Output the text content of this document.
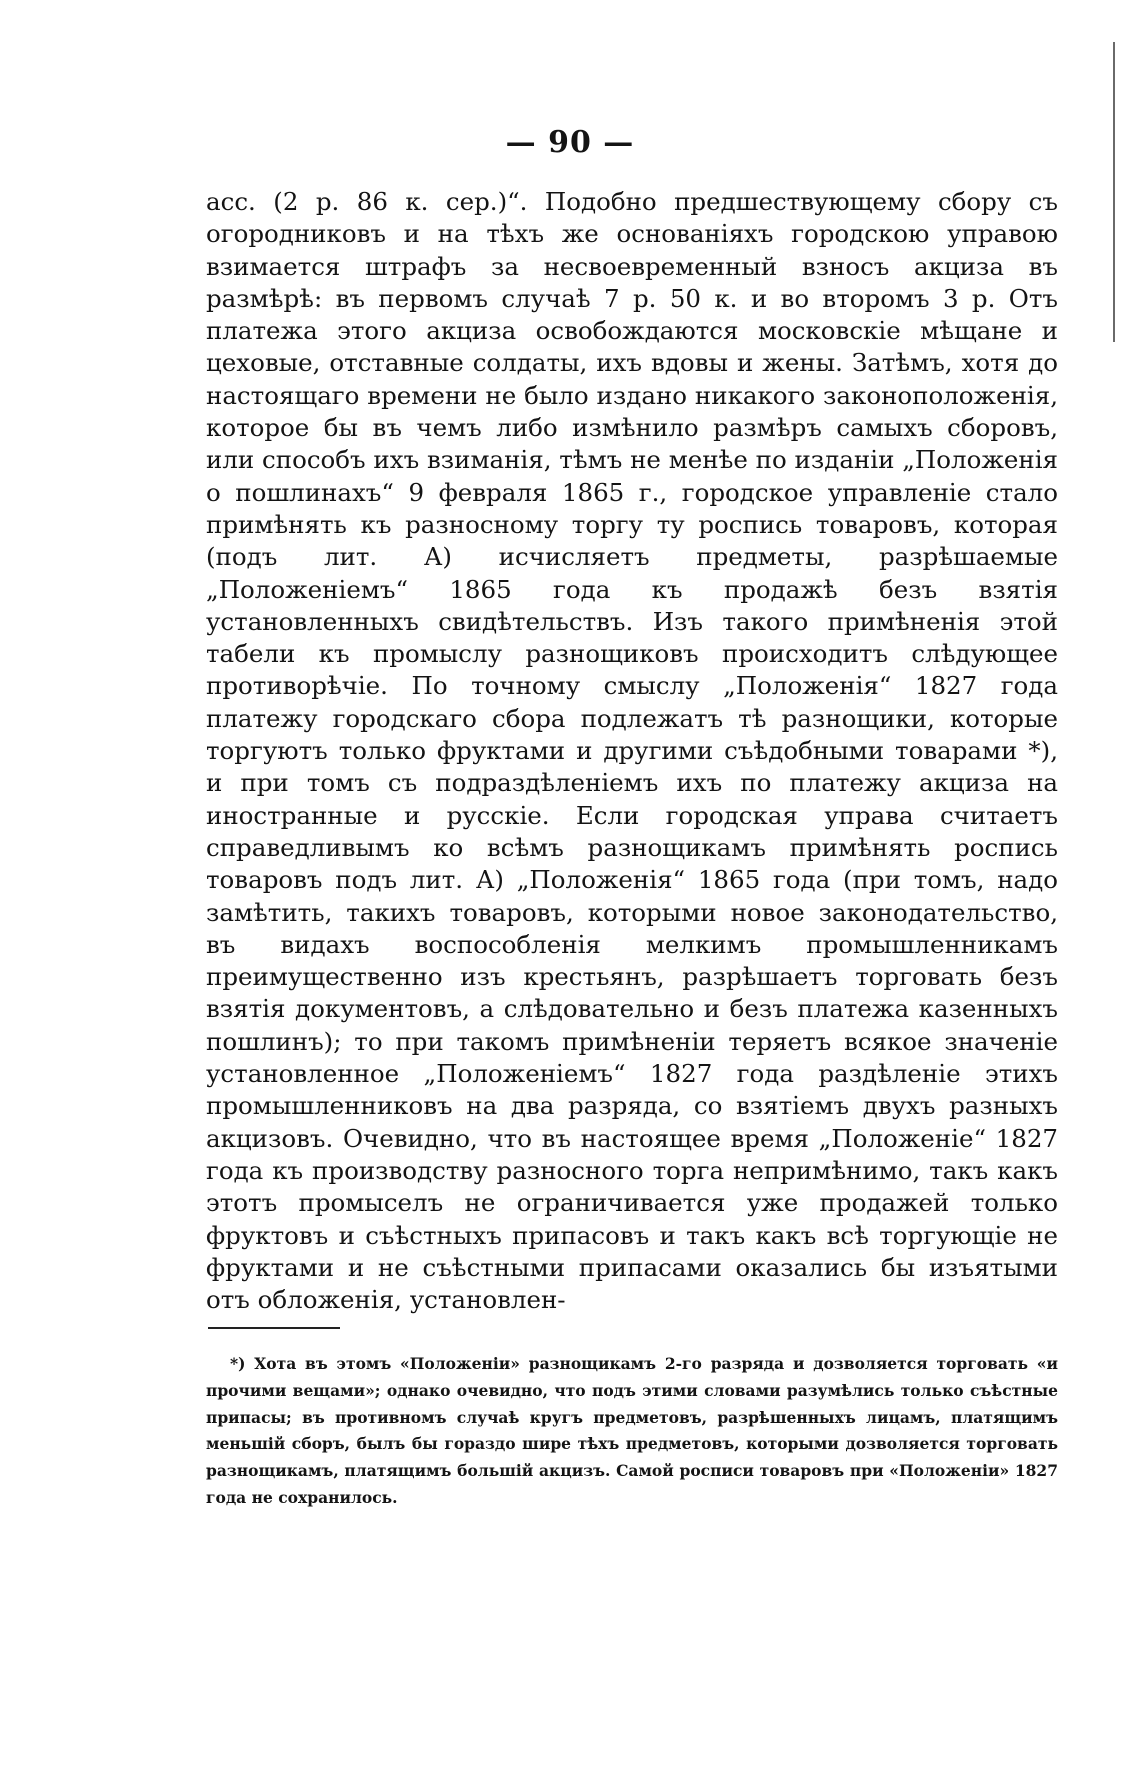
— 90 —

асс. (2 р. 86 к. сер.)“. Подобно предшествующему сбору съ огородниковъ и на тѣхъ же основаніяхъ городскою управою взимается штрафъ за несвоевременный взносъ акциза въ размѣрѣ: въ первомъ случаѣ 7 р. 50 к. и во второмъ 3 р. Отъ платежа этого акциза освобождаются московскіе мѣщане и цеховые, отставные солдаты, ихъ вдовы и жены. Затѣмъ, хотя до настоящаго времени не было издано никакого законоположенія, которое бы въ чемъ либо измѣнило размѣръ самыхъ сборовъ, или способъ ихъ взиманія, тѣмъ не менѣе по изданіи „Положенія о пошлинахъ“ 9 февраля 1865 г., городское управленіе стало примѣнять къ разносному торгу ту роспись товаровъ, которая (подъ лит. А) исчисляетъ предметы, разрѣшаемые „Положеніемъ“ 1865 года къ продажѣ безъ взятія установленныхъ свидѣтельствъ. Изъ такого примѣненія этой табели къ промыслу разнощиковъ происходитъ слѣдующее противорѣчіе. По точному смыслу „Положенія“ 1827 года платежу городскаго сбора подлежатъ тѣ разнощики, которые торгуютъ только фруктами и другими съѣдобными товарами *), и при томъ съ подраздѣленіемъ ихъ по платежу акциза на иностранные и русскіе. Если городская управа считаетъ справедливымъ ко всѣмъ разнощикамъ примѣнять роспись товаровъ подъ лит. А) „Положенія“ 1865 года (при томъ, надо замѣтить, такихъ товаровъ, которыми новое законодательство, въ видахъ воспособленія мелкимъ промышленникамъ преимущественно изъ крестьянъ, разрѣшаетъ торговать безъ взятія документовъ, а слѣдовательно и безъ платежа казенныхъ пошлинъ); то при такомъ примѣненіи теряетъ всякое значеніе установленное „Положеніемъ“ 1827 года раздѣленіе этихъ промышленниковъ на два разряда, со взятіемъ двухъ разныхъ акцизовъ. Очевидно, что въ настоящее время „Положеніе“ 1827 года къ производству разносного торга непримѣнимо, такъ какъ этотъ промыселъ не ограничивается уже продажей только фруктовъ и съѣстныхъ припасовъ и такъ какъ всѣ торгующіе не фруктами и не съѣстными припасами оказались бы изъятыми отъ обложенія, установлен-

*) Хота въ этомъ «Положеніи» разнощикамъ 2-го разряда и дозволяется торговать «и прочими вещами»; однако очевидно, что подъ этими словами разумѣлись только съѣстные припасы; въ противномъ случаѣ кругъ предметовъ, разрѣшенныхъ лицамъ, платящимъ меньшій сборъ, былъ бы гораздо шире тѣхъ предметовъ, которыми дозволяется торговать разнощикамъ, платящимъ большій акцизъ. Самой росписи товаровъ при «Положеніи» 1827 года не сохранилось.
